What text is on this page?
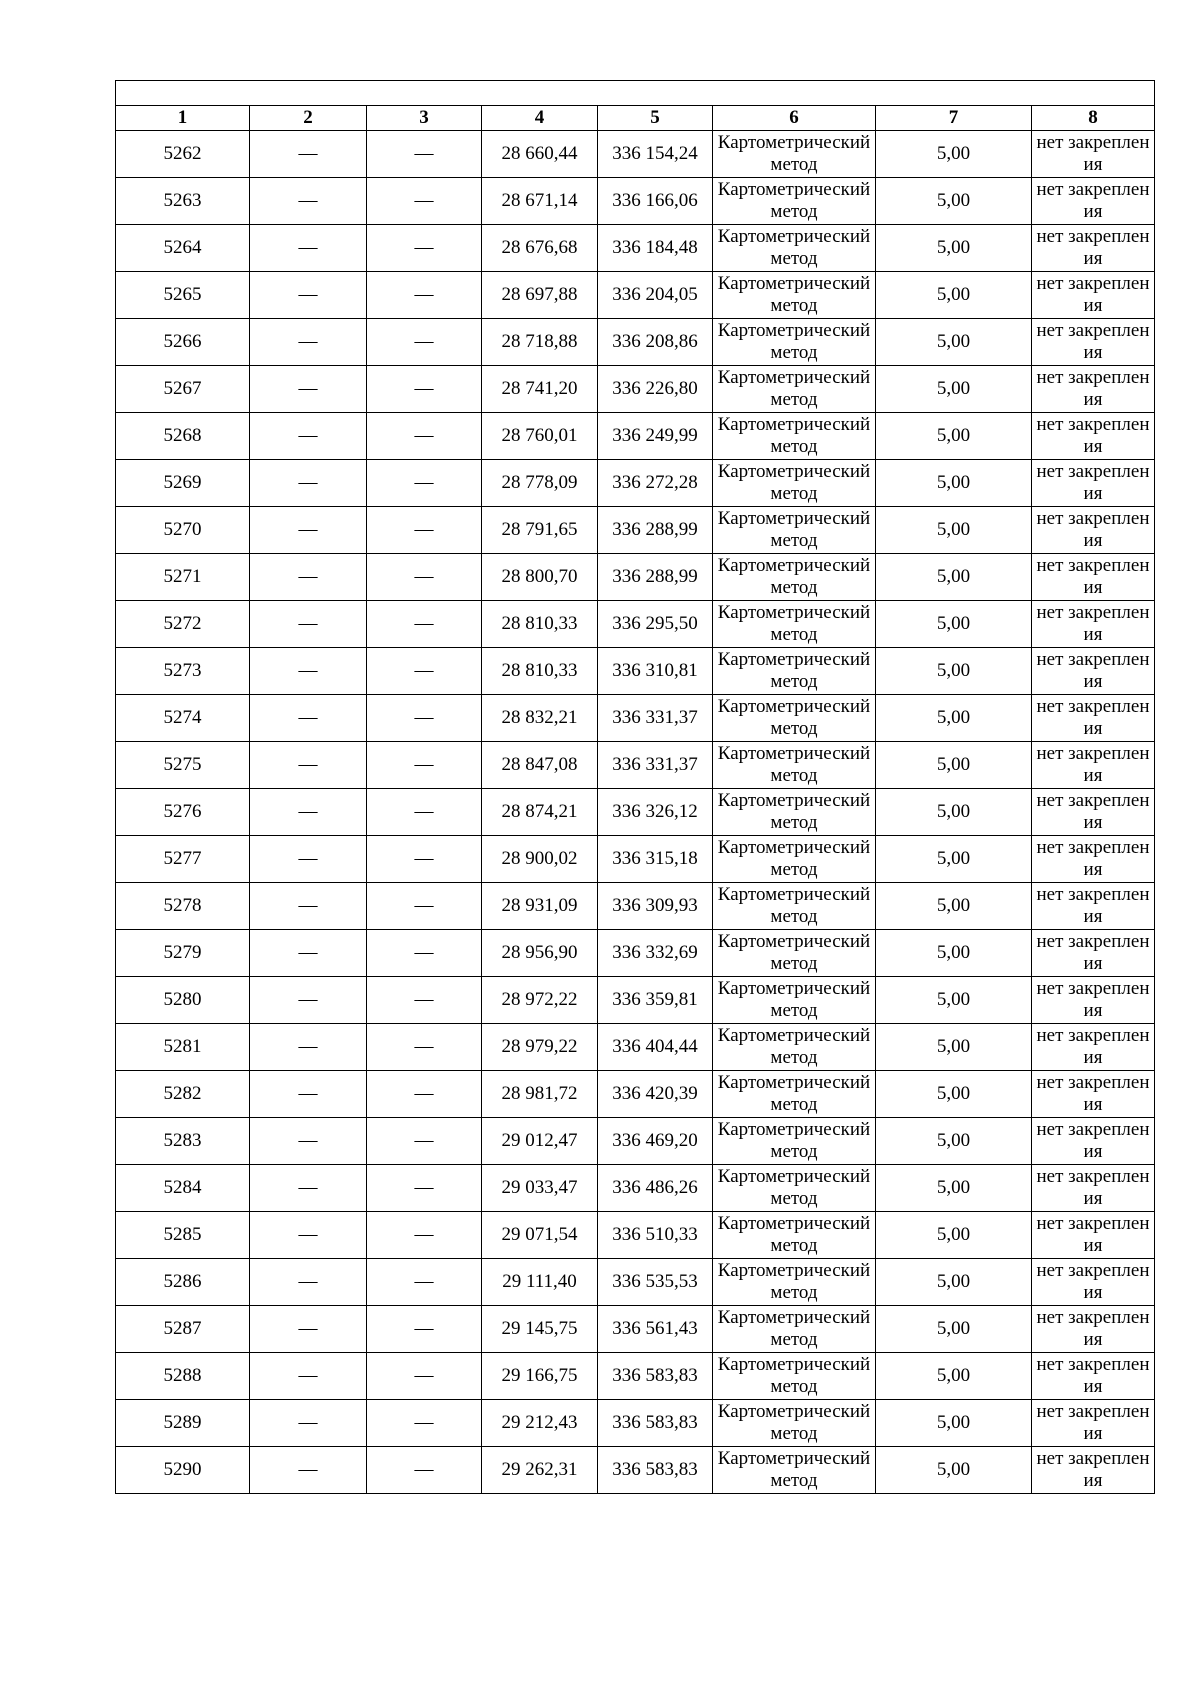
1	2	3	4	5	6	7	8
5262	—	—	28 660,44	336 154,24	Картометрический метод	5,00	нет закрепления
5263	—	—	28 671,14	336 166,06	Картометрический метод	5,00	нет закрепления
5264	—	—	28 676,68	336 184,48	Картометрический метод	5,00	нет закрепления
5265	—	—	28 697,88	336 204,05	Картометрический метод	5,00	нет закрепления
5266	—	—	28 718,88	336 208,86	Картометрический метод	5,00	нет закрепления
5267	—	—	28 741,20	336 226,80	Картометрический метод	5,00	нет закрепления
5268	—	—	28 760,01	336 249,99	Картометрический метод	5,00	нет закрепления
5269	—	—	28 778,09	336 272,28	Картометрический метод	5,00	нет закрепления
5270	—	—	28 791,65	336 288,99	Картометрический метод	5,00	нет закрепления
5271	—	—	28 800,70	336 288,99	Картометрический метод	5,00	нет закрепления
5272	—	—	28 810,33	336 295,50	Картометрический метод	5,00	нет закрепления
5273	—	—	28 810,33	336 310,81	Картометрический метод	5,00	нет закрепления
5274	—	—	28 832,21	336 331,37	Картометрический метод	5,00	нет закрепления
5275	—	—	28 847,08	336 331,37	Картометрический метод	5,00	нет закрепления
5276	—	—	28 874,21	336 326,12	Картометрический метод	5,00	нет закрепления
5277	—	—	28 900,02	336 315,18	Картометрический метод	5,00	нет закрепления
5278	—	—	28 931,09	336 309,93	Картометрический метод	5,00	нет закрепления
5279	—	—	28 956,90	336 332,69	Картометрический метод	5,00	нет закрепления
5280	—	—	28 972,22	336 359,81	Картометрический метод	5,00	нет закрепления
5281	—	—	28 979,22	336 404,44	Картометрический метод	5,00	нет закрепления
5282	—	—	28 981,72	336 420,39	Картометрический метод	5,00	нет закрепления
5283	—	—	29 012,47	336 469,20	Картометрический метод	5,00	нет закрепления
5284	—	—	29 033,47	336 486,26	Картометрический метод	5,00	нет закрепления
5285	—	—	29 071,54	336 510,33	Картометрический метод	5,00	нет закрепления
5286	—	—	29 111,40	336 535,53	Картометрический метод	5,00	нет закрепления
5287	—	—	29 145,75	336 561,43	Картометрический метод	5,00	нет закрепления
5288	—	—	29 166,75	336 583,83	Картометрический метод	5,00	нет закрепления
5289	—	—	29 212,43	336 583,83	Картометрический метод	5,00	нет закрепления
5290	—	—	29 262,31	336 583,83	Картометрический метод	5,00	нет закрепления
